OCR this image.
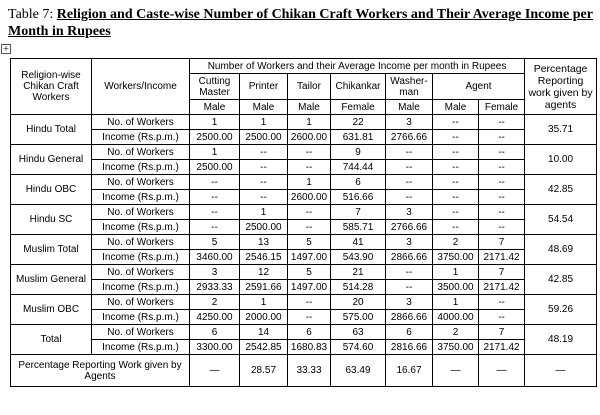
Table 7: Religion and Caste-wise Number of Chikan Craft Workers and Their Average Income per Month in Rupees
+
Religion-wise Chikan Craft Workers	Workers/Income	Number of Workers and their Average Income per month in Rupees							Percentage Reporting work given by agents
		Cutting Master	Printer	Tailor	Chikankar	Washer-man	Agent		
		Male	Male	Male	Female	Male	Male	Female	
Hindu Total	No. of Workers	1	1	1	22	3	--	--	35.71
	Income (Rs.p.m.)	2500.00	2500.00	2600.00	631.81	2766.66	--	--	
Hindu General	No. of Workers	1	--	--	9	--	--	--	10.00
	Income (Rs.p.m.)	2500.00	--	--	744.44	--	--	--	
Hindu OBC	No. of Workers	--	--	1	6	--	--	--	42.85
	Income (Rs.p.m.)	--	--	2600.00	516.66	--	--	--	
Hindu SC	No. of Workers	--	1	--	7	3	--	--	54.54
	Income (Rs.p.m.)	--	2500.00	--	585.71	2766.66	--	--	
Muslim Total	No. of Workers	5	13	5	41	3	2	7	48.69
	Income (Rs.p.m.)	3460.00	2546.15	1497.00	543.90	2866.66	3750.00	2171.42	
Muslim General	No. of Workers	3	12	5	21	--	1	7	42.85
	Income (Rs.p.m.)	2933.33	2591.66	1497.00	514.28	--	3500.00	2171.42	
Muslim OBC	No. of Workers	2	1	--	20	3	1	--	59.26
	Income (Rs.p.m.)	4250.00	2000.00	--	575.00	2866.66	4000.00	--	
Total	No. of Workers	6	14	6	63	6	2	7	48.19
	Income (Rs.p.m.)	3300.00	2542.85	1680.83	574.60	2816.66	3750.00	2171.42	
Percentage Reporting Work given by Agents		—	28.57	33.33	63.49	16.67	—	—	—
